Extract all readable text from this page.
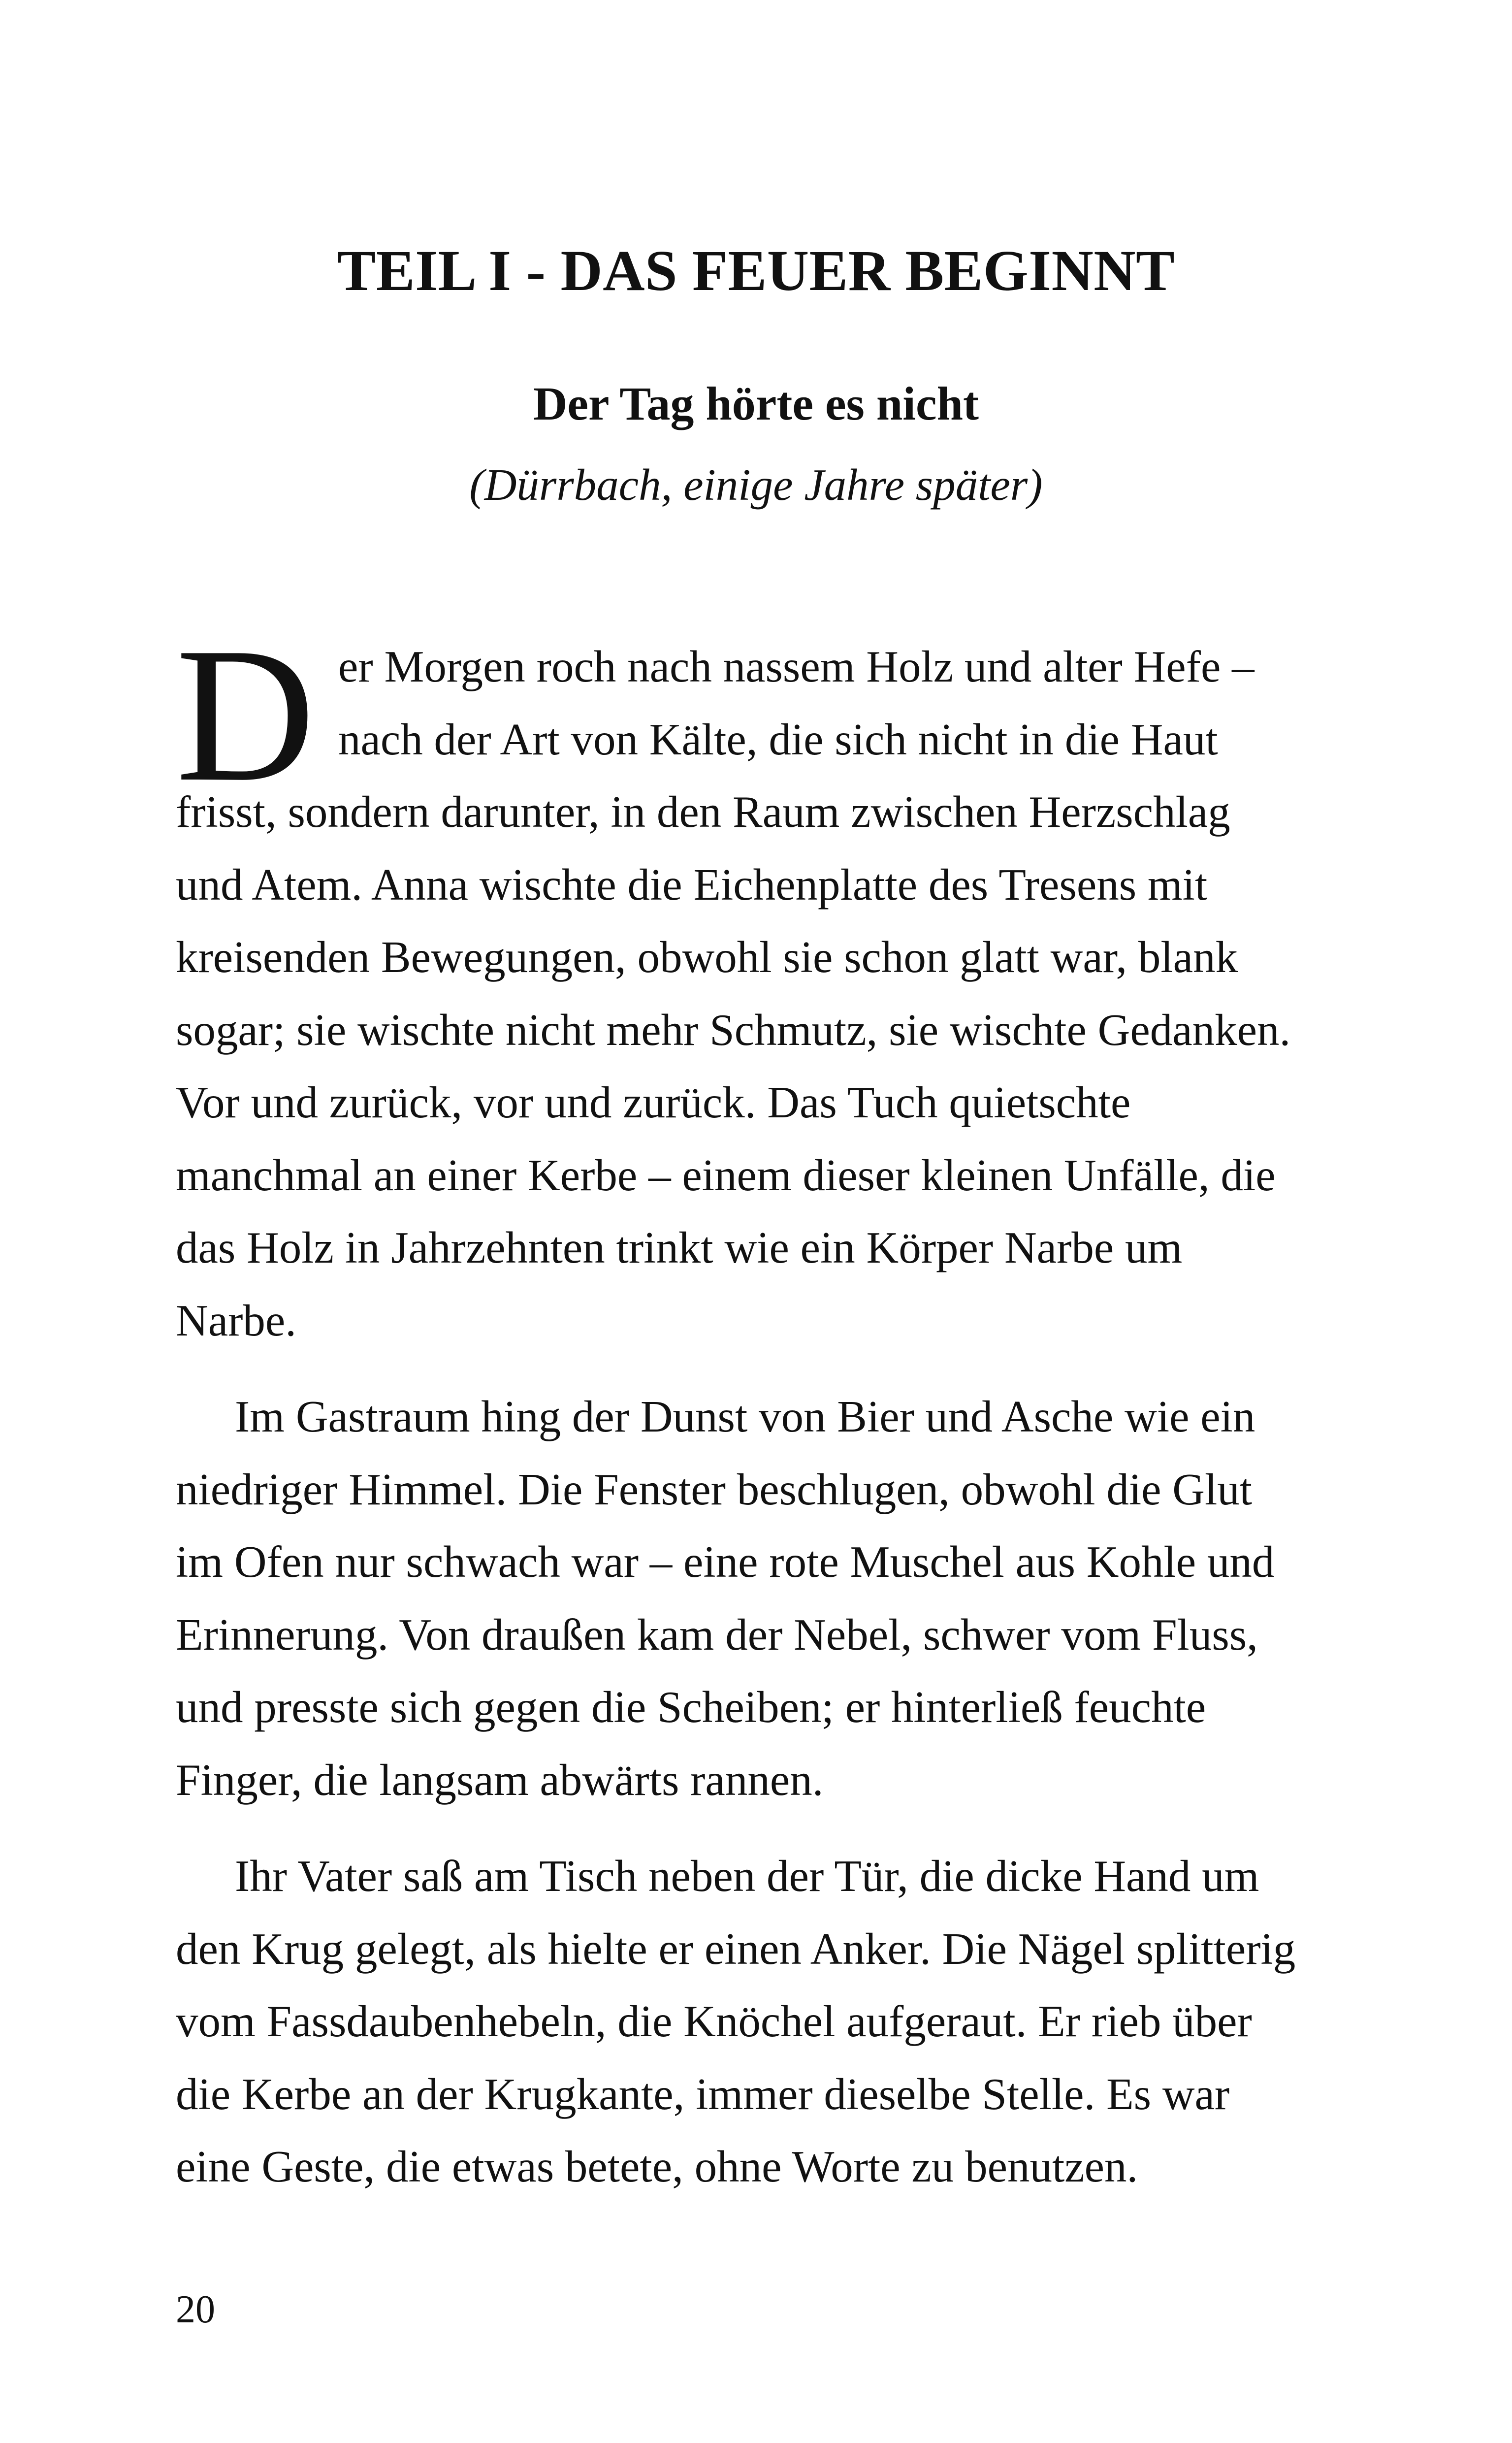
TEIL I - DAS FEUER BEGINNT
Der Tag hörte es nicht
(Dürrbach, einige Jahre später)
D er Morgen roch nach nassem Holz und alter Hefe –
nach der Art von Kälte, die sich nicht in die Haut
frisst, sondern darunter, in den Raum zwischen Herzschlag
und Atem. Anna wischte die Eichenplatte des Tresens mit
kreisenden Bewegungen, obwohl sie schon glatt war, blank
sogar; sie wischte nicht mehr Schmutz, sie wischte Gedanken.
Vor und zurück, vor und zurück. Das Tuch quietschte
manchmal an einer Kerbe – einem dieser kleinen Unfälle, die
das Holz in Jahrzehnten trinkt wie ein Körper Narbe um
Narbe.
Im Gastraum hing der Dunst von Bier und Asche wie ein
niedriger Himmel. Die Fenster beschlugen, obwohl die Glut
im Ofen nur schwach war – eine rote Muschel aus Kohle und
Erinnerung. Von draußen kam der Nebel, schwer vom Fluss,
und presste sich gegen die Scheiben; er hinterließ feuchte
Finger, die langsam abwärts rannen.
Ihr Vater saß am Tisch neben der Tür, die dicke Hand um
den Krug gelegt, als hielte er einen Anker. Die Nägel splitterig
vom Fassdaubenhebeln, die Knöchel aufgeraut. Er rieb über
die Kerbe an der Krugkante, immer dieselbe Stelle. Es war
eine Geste, die etwas betete, ohne Worte zu benutzen.
20
